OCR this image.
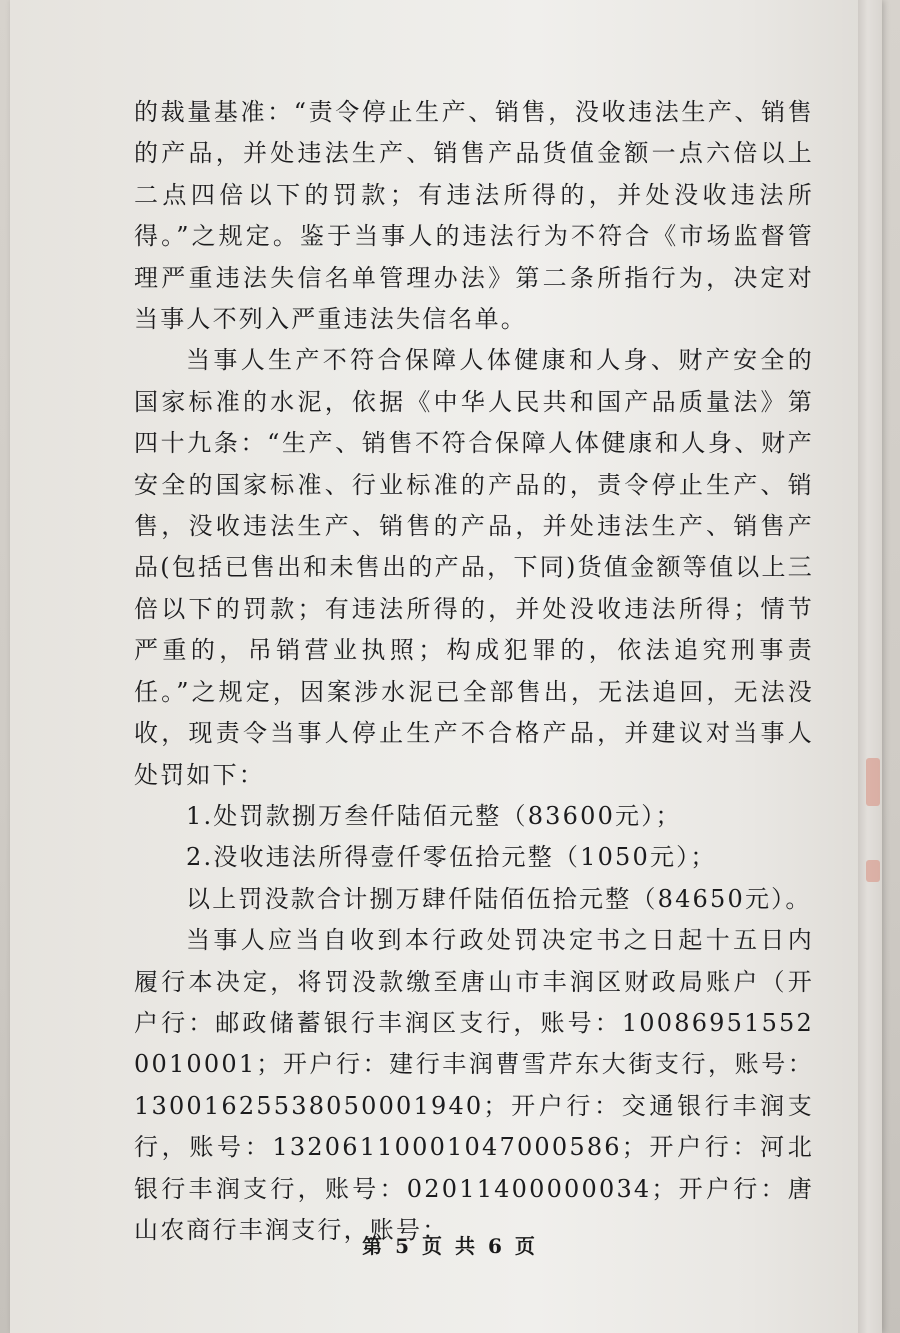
的裁量基准：“责令停止生产、销售，没收违法生产、销售的产品，并处违法生产、销售产品货值金额一点六倍以上二点四倍以下的罚款；有违法所得的，并处没收违法所得。”之规定。鉴于当事人的违法行为不符合《市场监督管理严重违法失信名单管理办法》第二条所指行为，决定对当事人不列入严重违法失信名单。

当事人生产不符合保障人体健康和人身、财产安全的国家标准的水泥，依据《中华人民共和国产品质量法》第四十九条：“生产、销售不符合保障人体健康和人身、财产安全的国家标准、行业标准的产品的，责令停止生产、销售，没收违法生产、销售的产品，并处违法生产、销售产品(包括已售出和未售出的产品，下同)货值金额等值以上三倍以下的罚款；有违法所得的，并处没收违法所得；情节严重的，吊销营业执照；构成犯罪的，依法追究刑事责任。”之规定，因案涉水泥已全部售出，无法追回，无法没收，现责令当事人停止生产不合格产品，并建议对当事人处罚如下：

1.处罚款捌万叁仟陆佰元整（83600元）；

2.没收违法所得壹仟零伍拾元整（1050元）；

以上罚没款合计捌万肆仟陆佰伍拾元整（84650元）。

当事人应当自收到本行政处罚决定书之日起十五日内履行本决定，将罚没款缴至唐山市丰润区财政局账户（开户行：邮政储蓄银行丰润区支行，账号：100869515520010001；开户行：建行丰润曹雪芹东大街支行，账号：13001625538050001940；开户行：交通银行丰润支行，账号：13206110001047000586；开户行：河北银行丰润支行，账号：02011400000034；开户行：唐山农商行丰润支行，账号：

第 5 页 共 6 页
